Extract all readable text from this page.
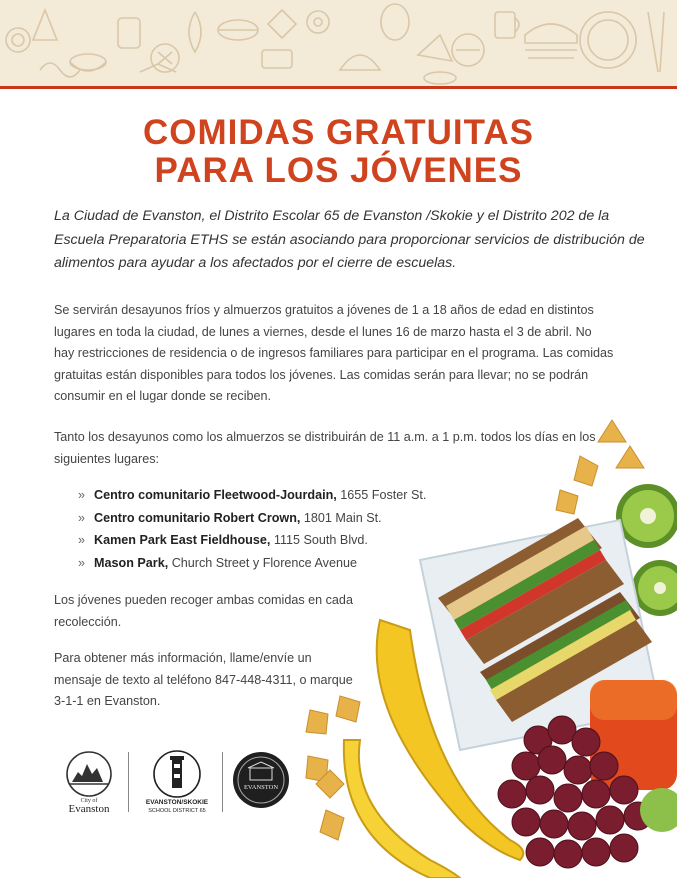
COMIDAS GRATUITAS
PARA LOS JÓVENES

La Ciudad de Evanston, el Distrito Escolar 65 de Evanston /Skokie y el Distrito 202 de la Escuela Preparatoria ETHS se están asociando para proporcionar servicios de distribución de alimentos para ayudar a los afectados por el cierre de escuelas.

Se servirán desayunos fríos y almuerzos gratuitos a jóvenes de 1 a 18 años de edad en distintos lugares en toda la ciudad, de lunes a viernes, desde el lunes 16 de marzo hasta el 3 de abril. No hay restricciones de residencia o de ingresos familiares para participar en el programa. Las comidas gratuitas están disponibles para todos los jóvenes. Las comidas serán para llevar; no se podrán consumir en el lugar donde se reciben.

Tanto los desayunos como los almuerzos se distribuirán de 11 a.m. a 1 p.m. todos los días en los siguientes lugares:

» Centro comunitario Fleetwood-Jourdain, 1655 Foster St.
» Centro comunitario Robert Crown, 1801 Main St.
» Kamen Park East Fieldhouse, 1115 South Blvd.
» Mason Park, Church Street y Florence Avenue

Los jóvenes pueden recoger ambas comidas en cada recolección.

Para obtener más información, llame/envíe un mensaje de texto al teléfono 847-448-4311, o marque 3-1-1 en Evanston.

City of
Evanston
EVANSTON/SKOKIE
SCHOOL DISTRICT 65
EVANSTON
